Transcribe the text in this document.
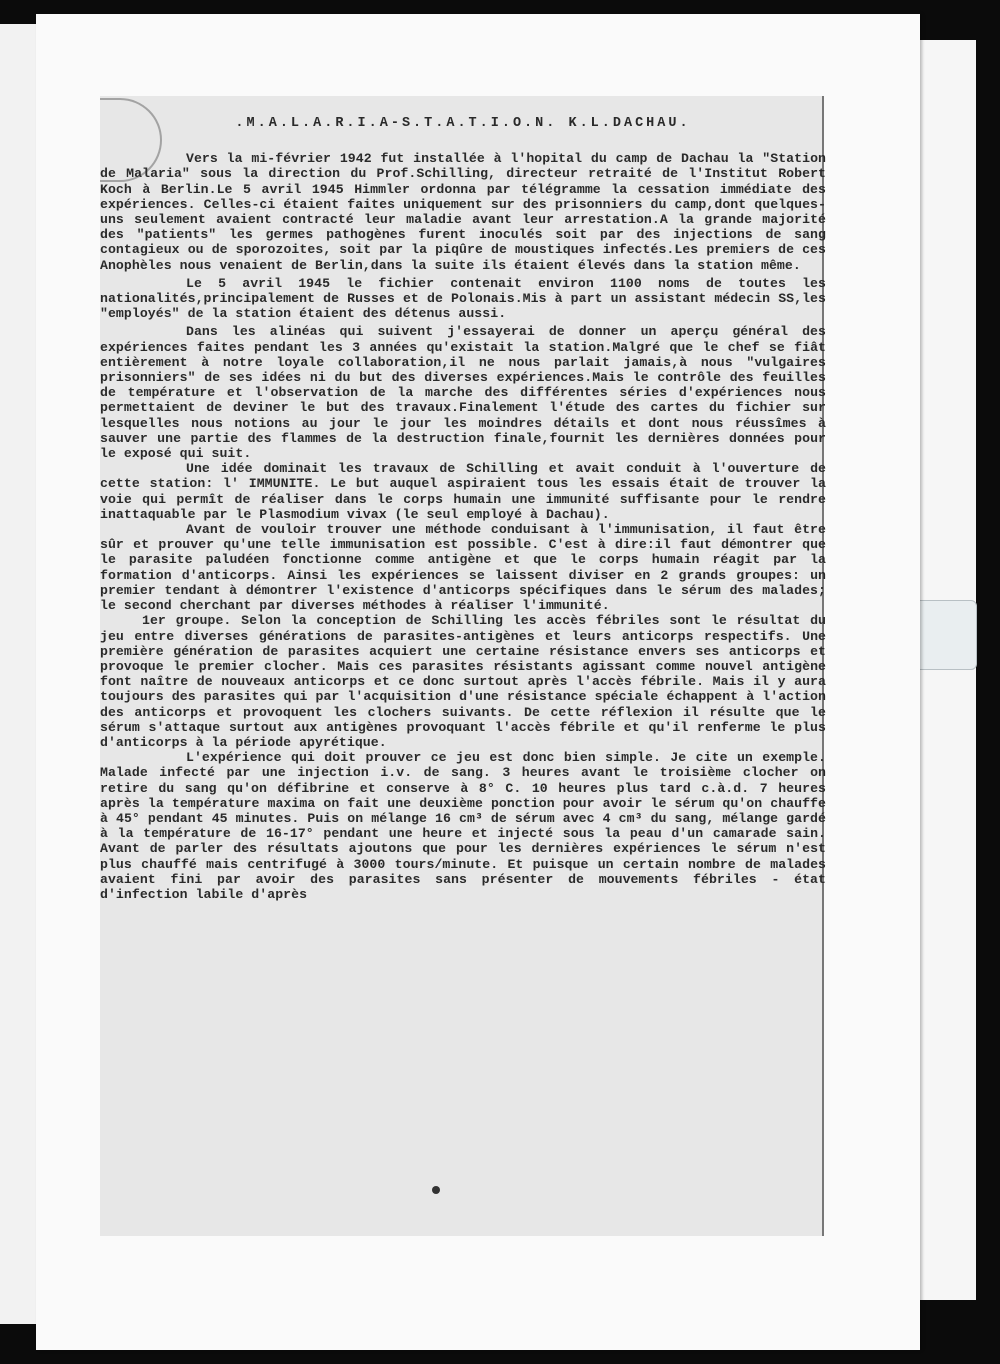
.M.A.L.A.R.I.A-S.T.A.T.I.O.N. K.L.DACHAU.

Vers la mi-février 1942 fut installée à l'hopital du camp de Dachau la "Station de Malaria" sous la direction du Prof.Schilling, directeur retraité de l'Institut Robert Koch à Berlin.Le 5 avril 1945 Himmler ordonna par télégramme la cessation immédiate des expériences. Celles-ci étaient faites uniquement sur des prisonniers du camp,dont quelques-uns seulement avaient contracté leur maladie avant leur arrestation.A la grande majorité des "patients" les germes pathogènes furent inoculés soit par des injections de sang contagieux ou de sporozoites, soit par la piqûre de moustiques infectés.Les premiers de ces Anophèles nous venaient de Berlin,dans la suite ils étaient élevés dans la station même.

Le 5 avril 1945 le fichier contenait environ 1100 noms de toutes les nationalités,principalement de Russes et de Polonais.Mis à part un assistant médecin SS,les "employés" de la station étaient des détenus aussi.

Dans les alinéas qui suivent j'essayerai de donner un aperçu général des expériences faites pendant les 3 années qu'existait la station.Malgré que le chef se fiât entièrement à notre loyale collaboration,il ne nous parlait jamais,à nous "vulgaires prisonniers" de ses idées ni du but des diverses expériences.Mais le contrôle des feuilles de température et l'observation de la marche des différentes séries d'expériences nous permettaient de deviner le but des travaux.Finalement l'étude des cartes du fichier sur lesquelles nous notions au jour le jour les moindres détails et dont nous réussîmes à sauver une partie des flammes de la destruction finale,fournit les dernières données pour le exposé qui suit.

Une idée dominait les travaux de Schilling et avait conduit à l'ouverture de cette station: l' IMMUNITE. Le but auquel aspiraient tous les essais était de trouver la voie qui permît de réaliser dans le corps humain une immunité suffisante pour le rendre inattaquable par le Plasmodium vivax (le seul employé à Dachau).

Avant de vouloir trouver une méthode conduisant à l'immunisation, il faut être sûr et prouver qu'une telle immunisation est possible. C'est à dire:il faut démontrer que le parasite paludéen fonctionne comme antigène et que le corps humain réagit par la formation d'anticorps. Ainsi les expériences se laissent diviser en 2 grands groupes: un premier tendant à démontrer l'existence d'anticorps spécifiques dans le sérum des malades; le second cherchant par diverses méthodes à réaliser l'immunité.

1er groupe. Selon la conception de Schilling les accès fébriles sont le résultat du jeu entre diverses générations de parasites-antigènes et leurs anticorps respectifs. Une première génération de parasites acquiert une certaine résistance envers ses anticorps et provoque le premier clocher. Mais ces parasites résistants agissant comme nouvel antigène font naître de nouveaux anticorps et ce donc surtout après l'accès fébrile. Mais il y aura toujours des parasites qui par l'acquisition d'une résistance spéciale échappent à l'action des anticorps et provoquent les clochers suivants. De cette réflexion il résulte que le sérum s'attaque surtout aux antigènes provoquant l'accès fébrile et qu'il renferme le plus d'anticorps à la période apyrétique.

L'expérience qui doit prouver ce jeu est donc bien simple. Je cite un exemple. Malade infecté par une injection i.v. de sang. 3 heures avant le troisième clocher on retire du sang qu'on défibrine et conserve à 8° C. 10 heures plus tard c.à.d. 7 heures après la température maxima on fait une deuxième ponction pour avoir le sérum qu'on chauffe à 45° pendant 45 minutes. Puis on mélange 16 cm³ de sérum avec 4 cm³ du sang, mélange gardé à la température de 16-17° pendant une heure et injecté sous la peau d'un camarade sain. Avant de parler des résultats ajoutons que pour les dernières expériences le sérum n'est plus chauffé mais centrifugé à 3000 tours/minute. Et puisque un certain nombre de malades avaient fini par avoir des parasites sans présenter de mouvements fébriles - état d'infection labile d'après
